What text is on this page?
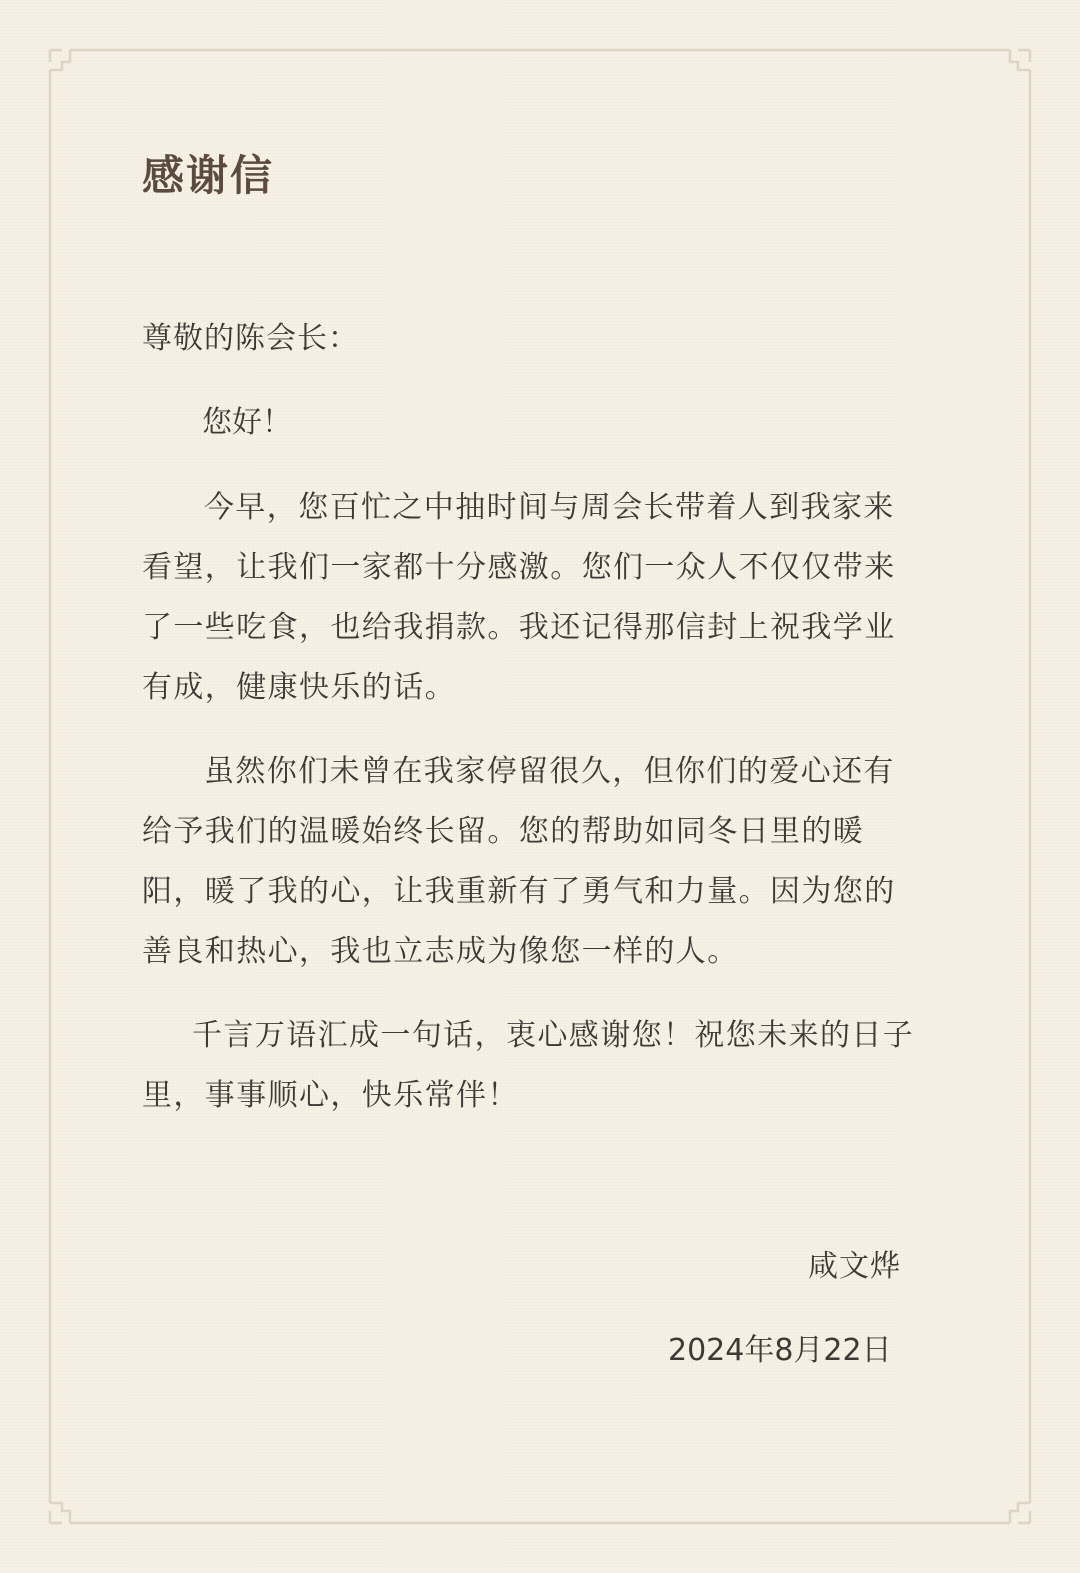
感谢信
尊敬的陈会长：
您好！
今早，您百忙之中抽时间与周会长带着人到我家来
看望，让我们一家都十分感激。您们一众人不仅仅带来
了一些吃食，也给我捐款。我还记得那信封上祝我学业
有成，健康快乐的话。
虽然你们未曾在我家停留很久，但你们的爱心还有
给予我们的温暖始终长留。您的帮助如同冬日里的暖
阳，暖了我的心，让我重新有了勇气和力量。因为您的
善良和热心，我也立志成为像您一样的人。
千言万语汇成一句话，衷心感谢您！祝您未来的日子
里，事事顺心，快乐常伴！
咸文烨
2024年8月22日
